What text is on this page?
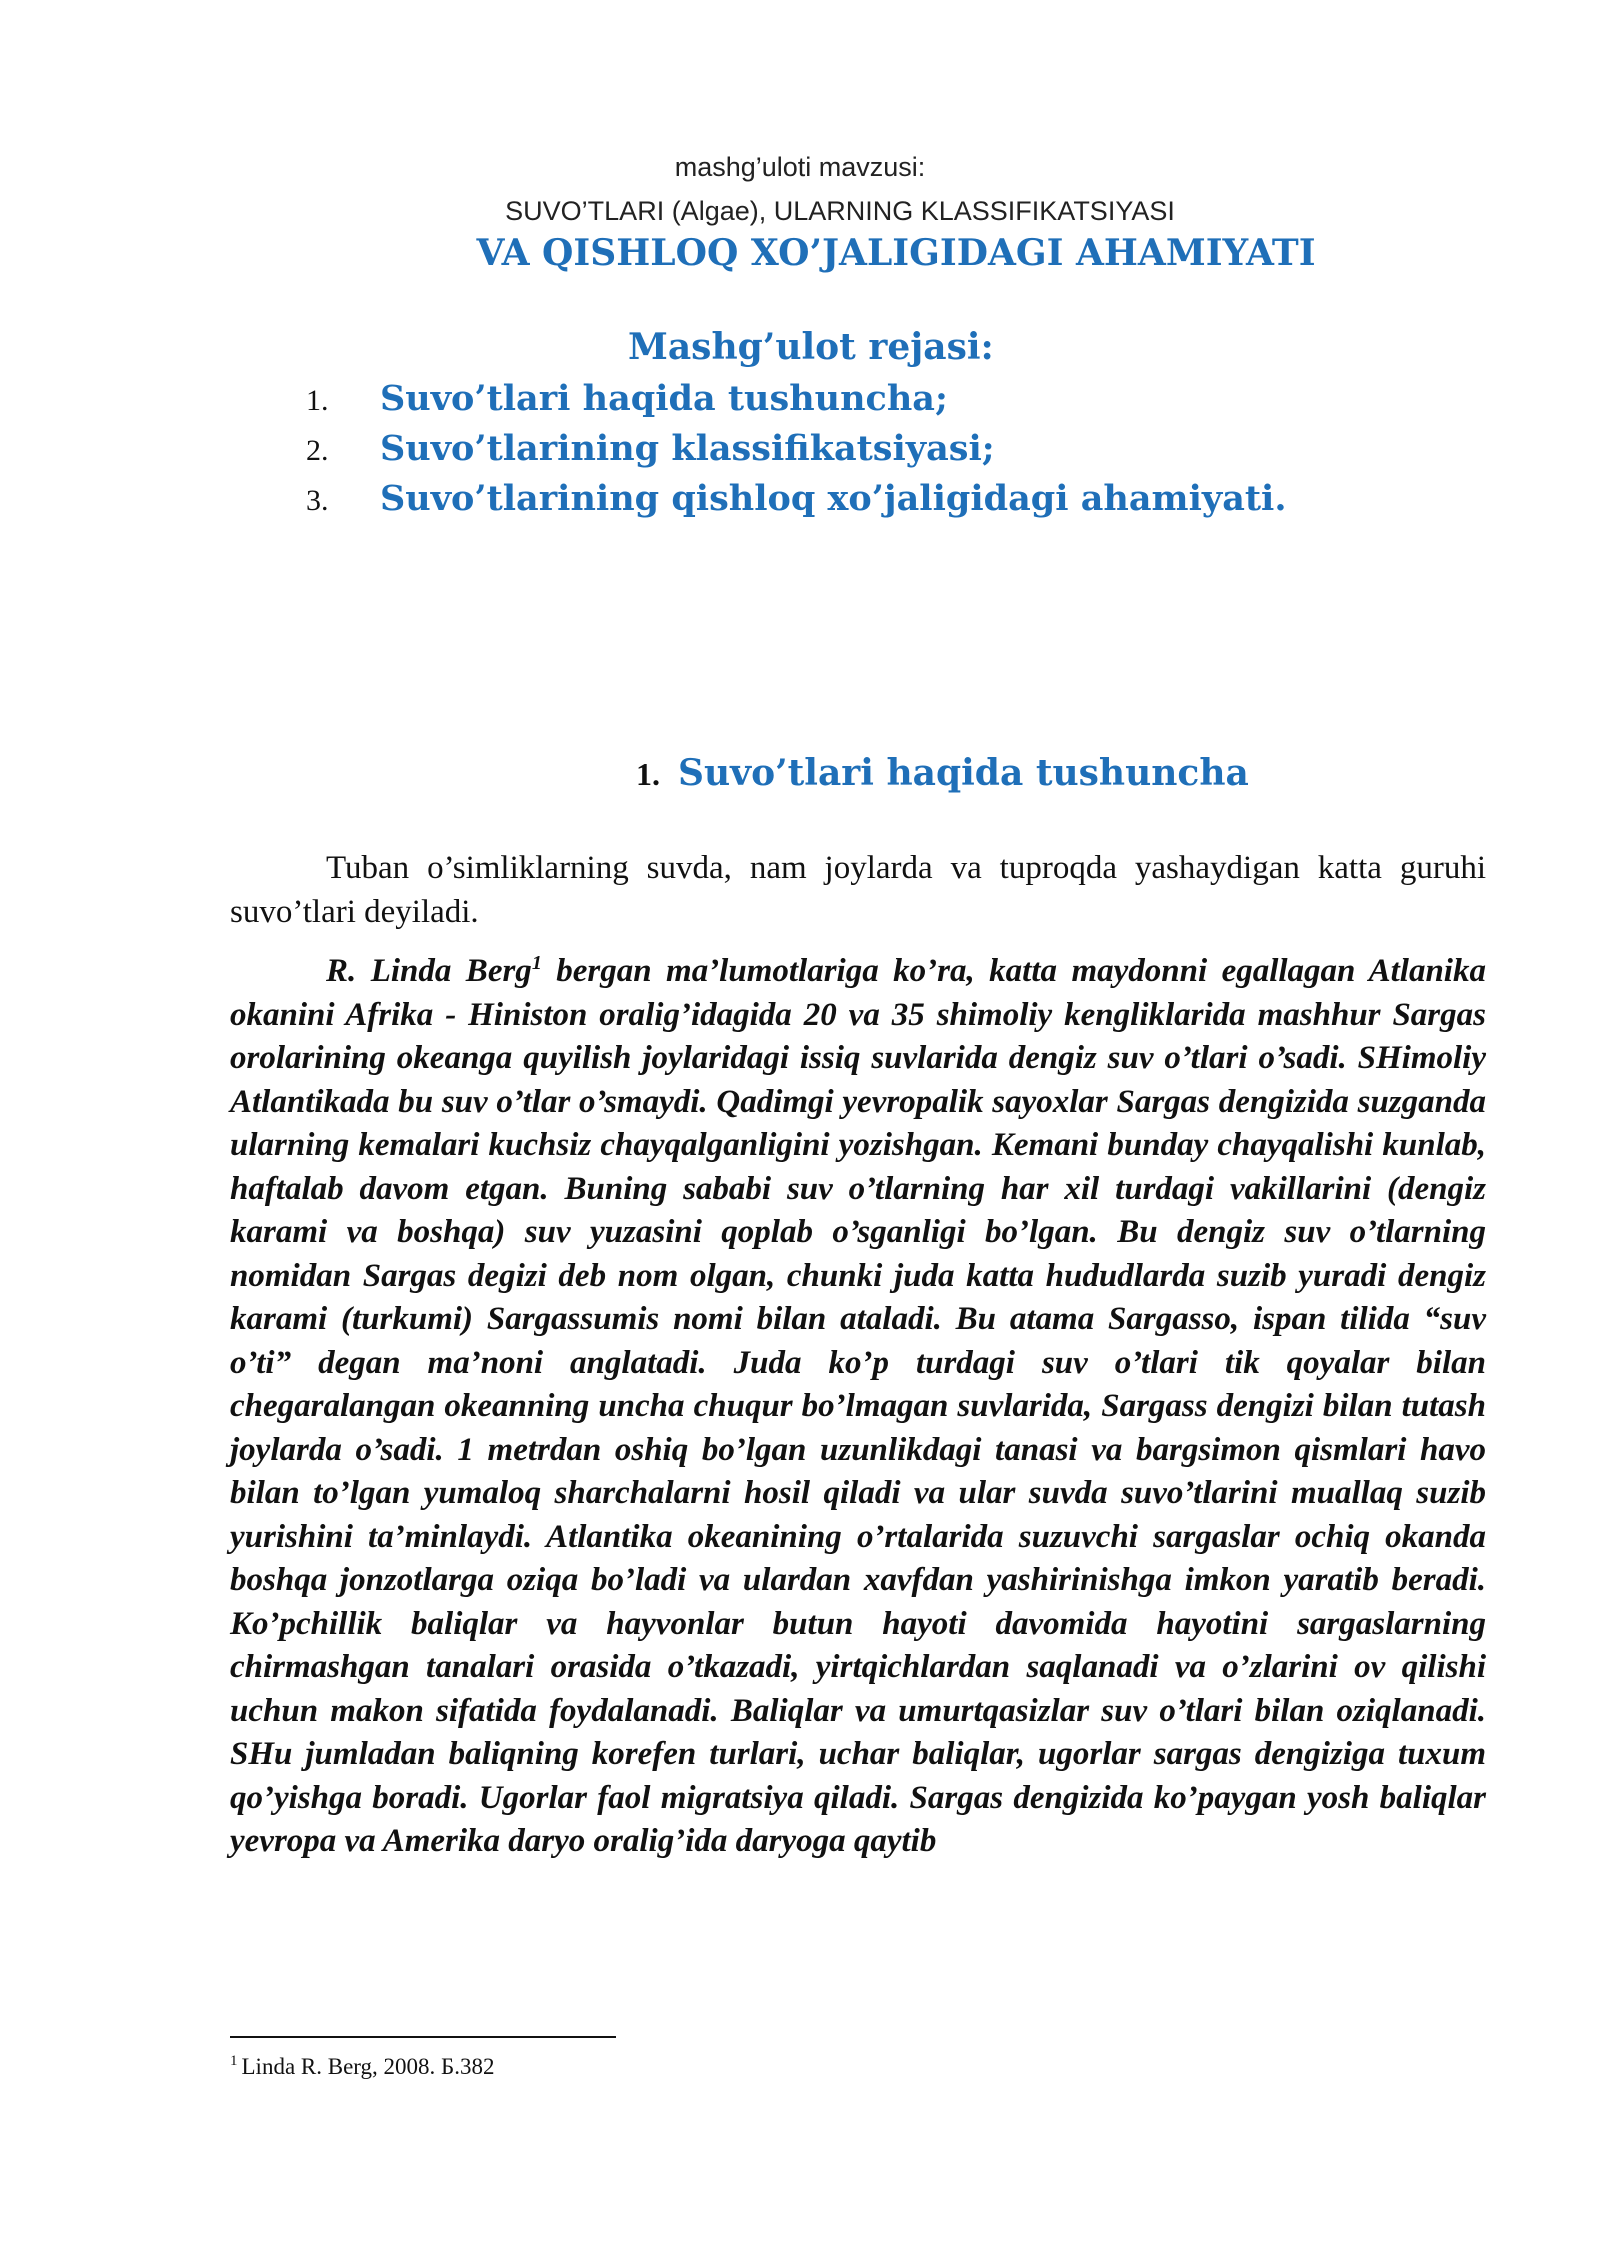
mashg’uloti mavzusi:
SUVO’TLARI (Algae), ULARNING KLASSIFIKATSIYASI
VA QISHLOQ XO’JALIGIDAGI AHAMIYATI
Mashg’ulot rejasi:
1. Suvo’tlari haqida tushuncha;
2. Suvo’tlarining klassifikatsiyasi;
3. Suvo’tlarining qishloq xo’jaligidagi ahamiyati.
1. Suvo’tlari haqida tushuncha

Tuban o’simliklarning suvda, nam joylarda va tuproqda yashaydigan katta guruhi suvo’tlari deyiladi.

R. Linda Berg$^1$ bergan ma’lumotlariga ko’ra, katta maydonni egallagan Atlanika okanini Afrika - Hiniston oralig’idagida 20 va 35 shimoliy kengliklarida mashhur Sargas orolarining okeanga quyilish joylaridagi issiq suvlarida dengiz suv o’tlari o’sadi. SHimoliy Atlantikada bu suv o’tlar o’smaydi. Qadimgi yevropalik sayoxlar Sargas dengizida suzganda ularning kemalari kuchsiz chayqalganligini yozishgan. Kemani bunday chayqalishi kunlab, haftalab davom etgan. Buning sababi suv o’tlarning har xil turdagi vakillarini (dengiz karami va boshqa) suv yuzasini qoplab o’sganligi bo’lgan. Bu dengiz suv o’tlarning nomidan Sargas degizi deb nom olgan, chunki juda katta hududlarda suzib yuradi dengiz karami (turkumi) Sargassumis nomi bilan ataladi. Bu atama Sargasso, ispan tilida “suv o’ti” degan ma’noni anglatadi. Juda ko’p turdagi suv o’tlari tik qoyalar bilan chegaralangan okeanning uncha chuqur bo’lmagan suvlarida, Sargass dengizi bilan tutash joylarda o’sadi. 1 metrdan oshiq bo’lgan uzunlikdagi tanasi va bargsimon qismlari havo bilan to’lgan yumaloq sharchalarni hosil qiladi va ular suvda suvo’tlarini muallaq suzib yurishini ta’minlaydi. Atlantika okeanining o’rtalarida suzuvchi sargaslar ochiq okanda boshqa jonzotlarga oziqa bo’ladi va ulardan xavfdan yashirinishga imkon yaratib beradi. Ko’pchillik baliqlar va hayvonlar butun hayoti davomida hayotini sargaslarning chirmashgan tanalari orasida o’tkazadi, yirtqichlardan saqlanadi va o’zlarini ov qilishi uchun makon sifatida foydalanadi. Baliqlar va umurtqasizlar suv o’tlari bilan oziqlanadi. SHu jumladan baliqning korefen turlari, uchar baliqlar, ugorlar sargas dengiziga tuxum qo’yishga boradi. Ugorlar faol migratsiya qiladi. Sargas dengizida ko’paygan yosh baliqlar yevropa va Amerika daryo oralig’ida daryoga qaytib

$^1$ Linda R. Berg, 2008. Б.382
